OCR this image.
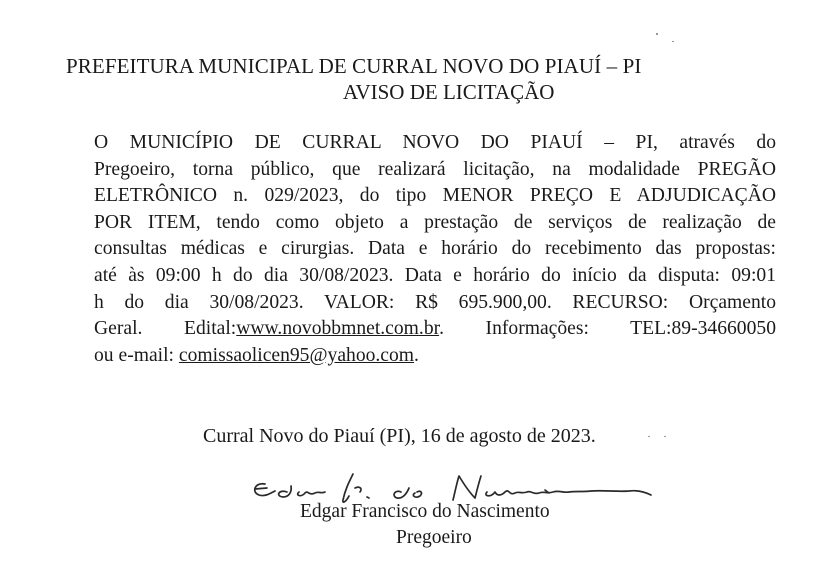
PREFEITURA MUNICIPAL DE CURRAL NOVO DO PIAUÍ – PI
AVISO DE LICITAÇÃO
O MUNICÍPIO DE CURRAL NOVO DO PIAUÍ – PI, através do
Pregoeiro, torna público, que realizará licitação, na modalidade PREGÃO
ELETRÔNICO n. 029/2023, do tipo MENOR PREÇO E ADJUDICAÇÃO
POR ITEM, tendo como objeto a prestação de serviços de realização de
consultas médicas e cirurgias. Data e horário do recebimento das propostas:
até às 09:00 h do dia 30/08/2023. Data e horário do início da disputa: 09:01
h do dia 30/08/2023. VALOR: R$ 695.900,00. RECURSO: Orçamento
Geral. Edital:www.novobbmnet.com.br. Informações: TEL:89-34660050
ou e-mail: comissaolicen95@yahoo.com.
Curral Novo do Piauí (PI), 16 de agosto de 2023.
Edgar Francisco do Nascimento
Pregoeiro
